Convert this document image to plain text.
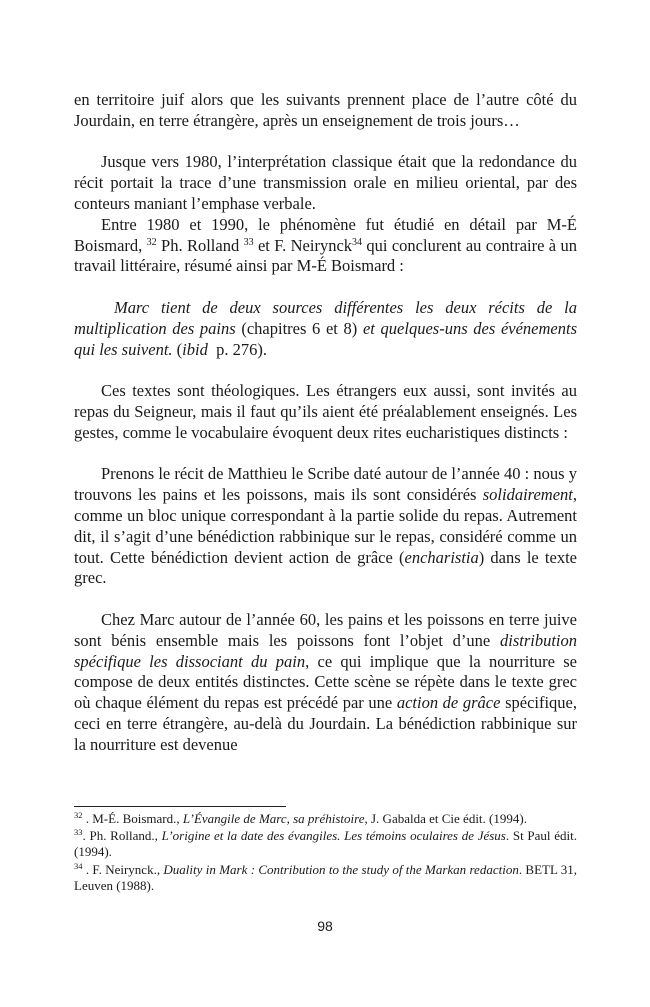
en territoire juif alors que les suivants prennent place de l’autre côté du Jourdain, en terre étrangère, après un enseignement de trois jours…

Jusque vers 1980, l’interprétation classique était que la redondance du récit portait la trace d’une transmission orale en milieu oriental, par des conteurs maniant l’emphase verbale.

Entre 1980 et 1990, le phénomène fut étudié en détail par M-É Boismard, $^{32}$ Ph. Rolland $^{33}$ et F. Neirynck$^{34}$ qui conclurent au contraire à un travail littéraire, résumé ainsi par M-É Boismard :

Marc tient de deux sources différentes les deux récits de la multiplication des pains (chapitres 6 et 8) et quelques-uns des événements qui les suivent. (ibid p. 276).

Ces textes sont théologiques. Les étrangers eux aussi, sont invités au repas du Seigneur, mais il faut qu’ils aient été préalablement enseignés. Les gestes, comme le vocabulaire évoquent deux rites eucharistiques distincts :

Prenons le récit de Matthieu le Scribe daté autour de l’année 40 : nous y trouvons les pains et les poissons, mais ils sont considérés solidairement, comme un bloc unique correspondant à la partie solide du repas. Autrement dit, il s’agit d’une bénédiction rabbinique sur le repas, considéré comme un tout. Cette bénédiction devient action de grâce (encharistia) dans le texte grec.

Chez Marc autour de l’année 60, les pains et les poissons en terre juive sont bénis ensemble mais les poissons font l’objet d’une distribution spécifique les dissociant du pain, ce qui implique que la nourriture se compose de deux entités distinctes. Cette scène se répète dans le texte grec où chaque élément du repas est précédé par une action de grâce spécifique, ceci en terre étrangère, au-delà du Jourdain. La bénédiction rabbinique sur la nourriture est devenue

$^{32}$ . M-É. Boismard., L’Évangile de Marc, sa préhistoire, J. Gabalda et Cie édit. (1994).

$^{33}$. Ph. Rolland., L’origine et la date des évangiles. Les témoins oculaires de Jésus. St Paul édit. (1994).

$^{34}$ . F. Neirynck., Duality in Mark : Contribution to the study of the Markan redaction. BETL 31, Leuven (1988).

98
